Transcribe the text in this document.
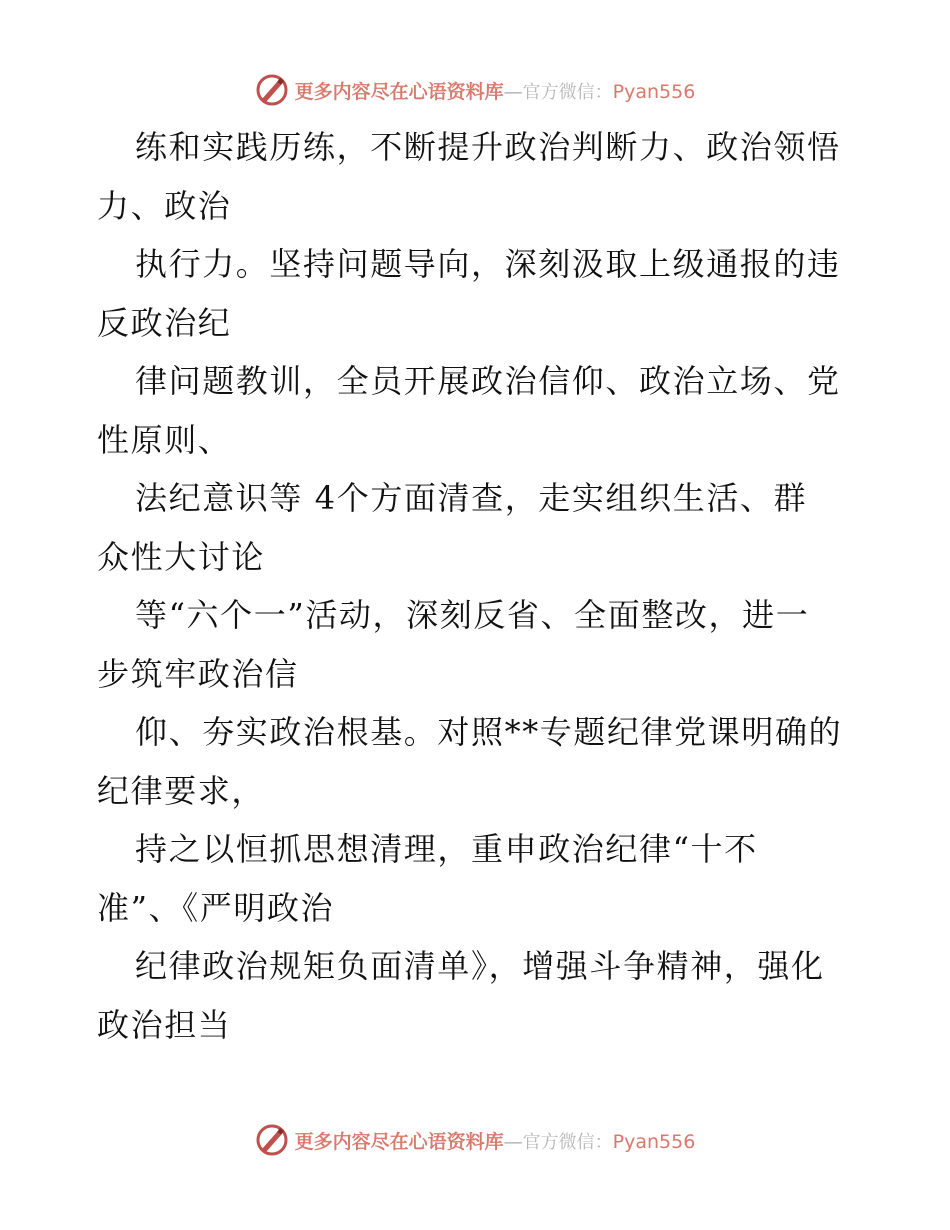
更多内容尽在心语资料库—官方微信：Pyan556
练和实践历练，不断提升政治判断力、政治领悟
力、政治
执行力。坚持问题导向，深刻汲取上级通报的违
反政治纪
律问题教训，全员开展政治信仰、政治立场、党
性原则、
法纪意识等 4个方面清查，走实组织生活、群
众性大讨论
等“六个一”活动，深刻反省、全面整改，进一
步筑牢政治信
仰、夯实政治根基。对照**专题纪律党课明确的
纪律要求，
持之以恒抓思想清理，重申政治纪律“十不
准”、《严明政治
纪律政治规矩负面清单》，增强斗争精神，强化
政治担当
更多内容尽在心语资料库—官方微信：Pyan556
